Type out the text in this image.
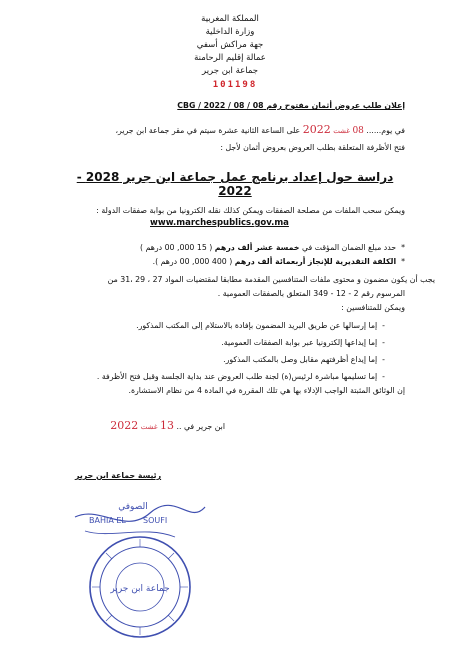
المملكة المغربية
وزارة الداخلية
جهة مراكش أسفي
عمالة إقليم الرحامنة
جماعة ابن جرير
101198
إعلان طلب عروض أثمان مفتوح رقم CBG / 2022 / 08 / 08
في يوم...... 08 غشت 2022 على الساعة الثانية عشرة سيتم في مقر جماعة ابن جرير،
فتح الأظرفة المتعلقة بطلب العروض بعروض أثمان لأجل :
دراسة حول إعداد برنامج عمل جماعة ابن جرير 2028 - 2022
ويمكن سحب الملفات من مصلحة الصفقات ويمكن كذلك نقله الكترونيا من بوابة صفقات الدولة :
www.marchespublics.gov.ma
*  حدد مبلغ الضمان المؤقت في خمسة عشر ألف درهم ( 15 000, 00 درهم )
*  الكلفة التقديرية للإنجاز أربعمائة ألف درهم ( 400 000, 00 درهم ).
يجب أن يكون مضمون و محتوى ملفات المتنافسين المقدمة مطابقا لمقتضيات المواد 27 ، 29 ،31 من
المرسوم رقم 2 - 12 - 349 المتعلق بالصفقات العمومية .
ويمكن للمتنافسين :
-  إما إرسالها عن طريق البريد المضمون بإفادة بالاستلام إلى المكتب المذكور.
-  إما إيداعها إلكترونيا عبر بوابة الصفقات العمومية.
-  إما إيداع أظرفتهم مقابل وصل بالمكتب المذكور.
-  إما تسليمها مباشرة لرئيس(ة) لجنة طلب العروض عند بداية الجلسة وقبل فتح الأظرفة .
إن الوثائق المثبتة الواجب الإدلاء بها هي تلك المقررة في المادة 4 من نظام الاستشارة.
ابن جرير في .. 13 غشت 2022
رئيسة جماعة ابن جرير
الصوفي
BAHIA EL SOUFI
جماعة ابن جرير
